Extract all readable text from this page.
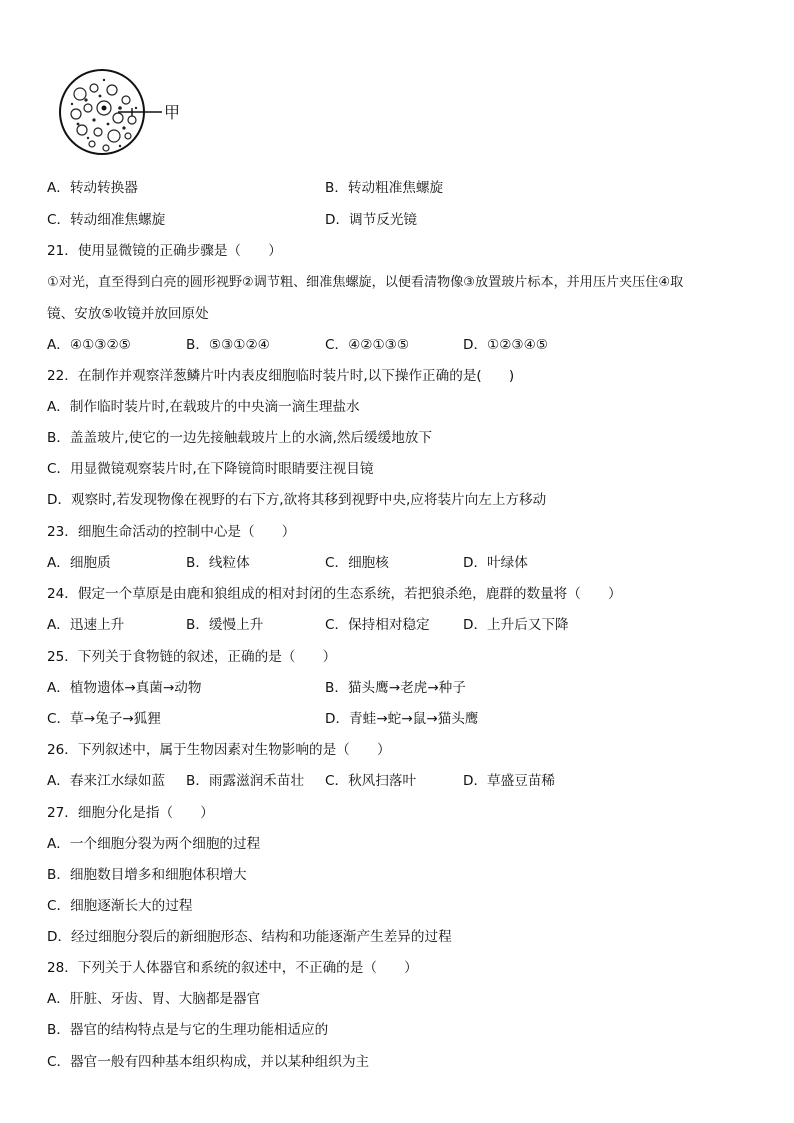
甲
A．转动转换器	B．转动粗准焦螺旋
C．转动细准焦螺旋	D．调节反光镜
21．使用显微镜的正确步骤是（　　）
①对光，直至得到白亮的圆形视野②调节粗、细准焦螺旋，以便看清物像③放置玻片标本，并用压片夹压住④取
镜、安放⑤收镜并放回原处
A．④①③②⑤	B．⑤③①②④	C．④②①③⑤	D．①②③④⑤
22．在制作并观察洋葱鳞片叶内表皮细胞临时装片时,以下操作正确的是(　　)
A．制作临时装片时,在载玻片的中央滴一滴生理盐水
B．盖盖玻片,使它的一边先接触载玻片上的水滴,然后缓缓地放下
C．用显微镜观察装片时,在下降镜筒时眼睛要注视目镜
D．观察时,若发现物像在视野的右下方,欲将其移到视野中央,应将装片向左上方移动
23．细胞生命活动的控制中心是（　　）
A．细胞质	B．线粒体	C．细胞核	D．叶绿体
24．假定一个草原是由鹿和狼组成的相对封闭的生态系统，若把狼杀绝，鹿群的数量将（　　）
A．迅速上升	B．缓慢上升	C．保持相对稳定 D．上升后又下降
25．下列关于食物链的叙述，正确的是（　　）
A．植物遗体→真菌→动物	B．猫头鹰→老虎→种子
C．草→兔子→狐狸	D．青蛙→蛇→鼠→猫头鹰
26．下列叙述中，属于生物因素对生物影响的是（　　）
A．春来江水绿如蓝 B．雨露滋润禾苗壮 C．秋风扫落叶	D．草盛豆苗稀
27．细胞分化是指（　　）
A．一个细胞分裂为两个细胞的过程
B．细胞数目增多和细胞体积增大
C．细胞逐渐长大的过程
D．经过细胞分裂后的新细胞形态、结构和功能逐渐产生差异的过程
28．下列关于人体器官和系统的叙述中，不正确的是（　　）
A．肝脏、牙齿、胃、大脑都是器官
B．器官的结构特点是与它的生理功能相适应的
C．器官一般有四种基本组织构成，并以某种组织为主
